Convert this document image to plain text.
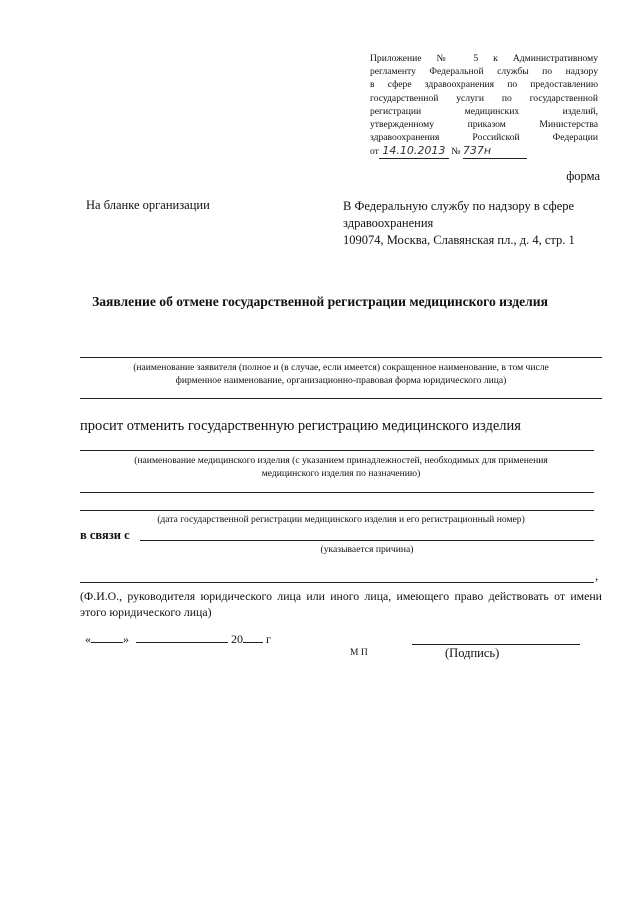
Приложение № 5 к Административному
регламенту Федеральной службы по надзору
в сфере здравоохранения по предоставлению
государственной услуги по государственной
регистрации медицинских изделий,
утвержденному приказом Министерства
здравоохранения Российской Федерации
от 14.10.2013 № 737н
форма
На бланке организации	В Федеральную службу по надзору в сфере
здравоохранения
109074, Москва, Славянская пл., д. 4, стр. 1
Заявление об отмене государственной регистрации медицинского изделия
(наименование заявителя (полное и (в случае, если имеется) сокращенное наименование, в том числе
фирменное наименование, организационно-правовая форма юридического лица)
просит отменить государственную регистрацию медицинского изделия
(наименование медицинского изделия (с указанием принадлежностей, необходимых для применения
медицинского изделия по назначению)
(дата государственной регистрации медицинского изделия и его регистрационный номер)
в связи с
(указывается причина)
,
(Ф.И.О., руководителя юридического лица или иного лица, имеющего право действовать от имени этого юридического лица)
«	»	20 г
М П	(Подпись)
